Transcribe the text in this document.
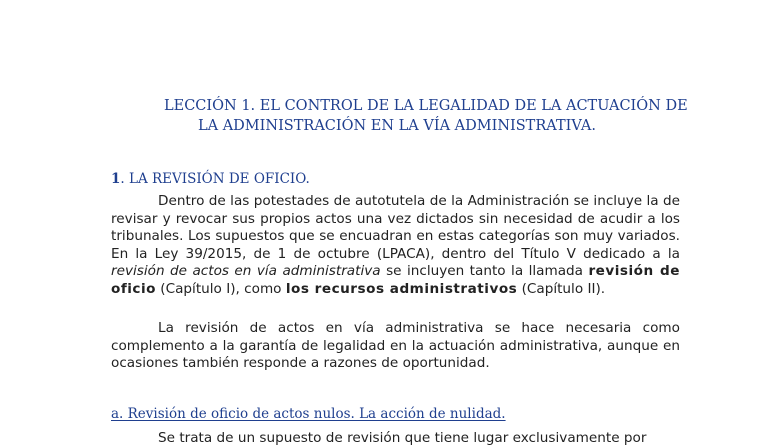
LECCIÓN 1. EL CONTROL DE LA LEGALIDAD DE LA ACTUACIÓN DE
LA ADMINISTRACIÓN EN LA VÍA ADMINISTRATIVA.
1. LA REVISIÓN DE OFICIO.

Dentro de las potestades de autotutela de la Administración se incluye la de revisar y revocar sus propios actos una vez dictados sin necesidad de acudir a los tribunales. Los supuestos que se encuadran en estas categorías son muy variados. En la Ley 39/2015, de 1 de octubre (LPACA), dentro del Título V dedicado a la revisión de actos en vía administrativa se incluyen tanto la llamada revisión de oficio (Capítulo I), como los recursos administrativos (Capítulo II).

La revisión de actos en vía administrativa se hace necesaria como complemento a la garantía de legalidad en la actuación administrativa, aunque en ocasiones también responde a razones de oportunidad.

a. Revisión de oficio de actos nulos. La acción de nulidad.

Se trata de un supuesto de revisión que tiene lugar exclusivamente por
